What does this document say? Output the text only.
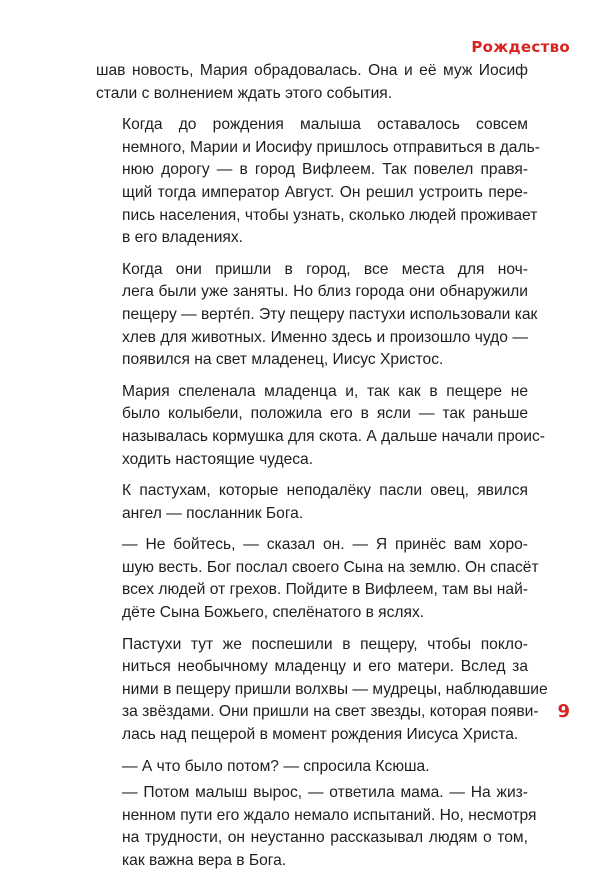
Рождество

шав новость, Мария обрадовалась. Она и её муж Иосиф
стали с волнением ждать этого события.

Когда до рождения малыша оставалось совсем
немного, Марии и Иосифу пришлось отправиться в даль-
нюю дорогу — в город Вифлеем. Так повелел правя-
щий тогда император Август. Он решил устроить пере-
пись населения, чтобы узнать, сколько людей проживает
в его владениях.

Когда они пришли в город, все места для ноч-
лега были уже заняты. Но близ города они обнаружили
пещеру — вертéп. Эту пещеру пастухи использовали как
хлев для животных. Именно здесь и произошло чудо —
появился на свет младенец, Иисус Христос.

Мария спеленала младенца и, так как в пещере не
было колыбели, положила его в ясли — так раньше
называлась кормушка для скота. А дальше начали проис-
ходить настоящие чудеса.

К пастухам, которые неподалёку пасли овец, явился
ангел — посланник Бога.

— Не бойтесь, — сказал он. — Я принёс вам хоро-
шую весть. Бог послал своего Сына на землю. Он спасёт
всех людей от грехов. Пойдите в Вифлеем, там вы най-
дёте Сына Божьего, спелёнатого в яслях.

Пастухи тут же поспешили в пещеру, чтобы покло-
ниться необычному младенцу и его матери. Вслед за
ними в пещеру пришли волхвы — мудрецы, наблюдавшие
за звёздами. Они пришли на свет звезды, которая появи-
лась над пещерой в момент рождения Иисуса Христа.

— А что было потом? — спросила Ксюша.

— Потом малыш вырос, — ответила мама. — На жиз-
ненном пути его ждало немало испытаний. Но, несмотря
на трудности, он неустанно рассказывал людям о том,
как важна вера в Бога.

9
